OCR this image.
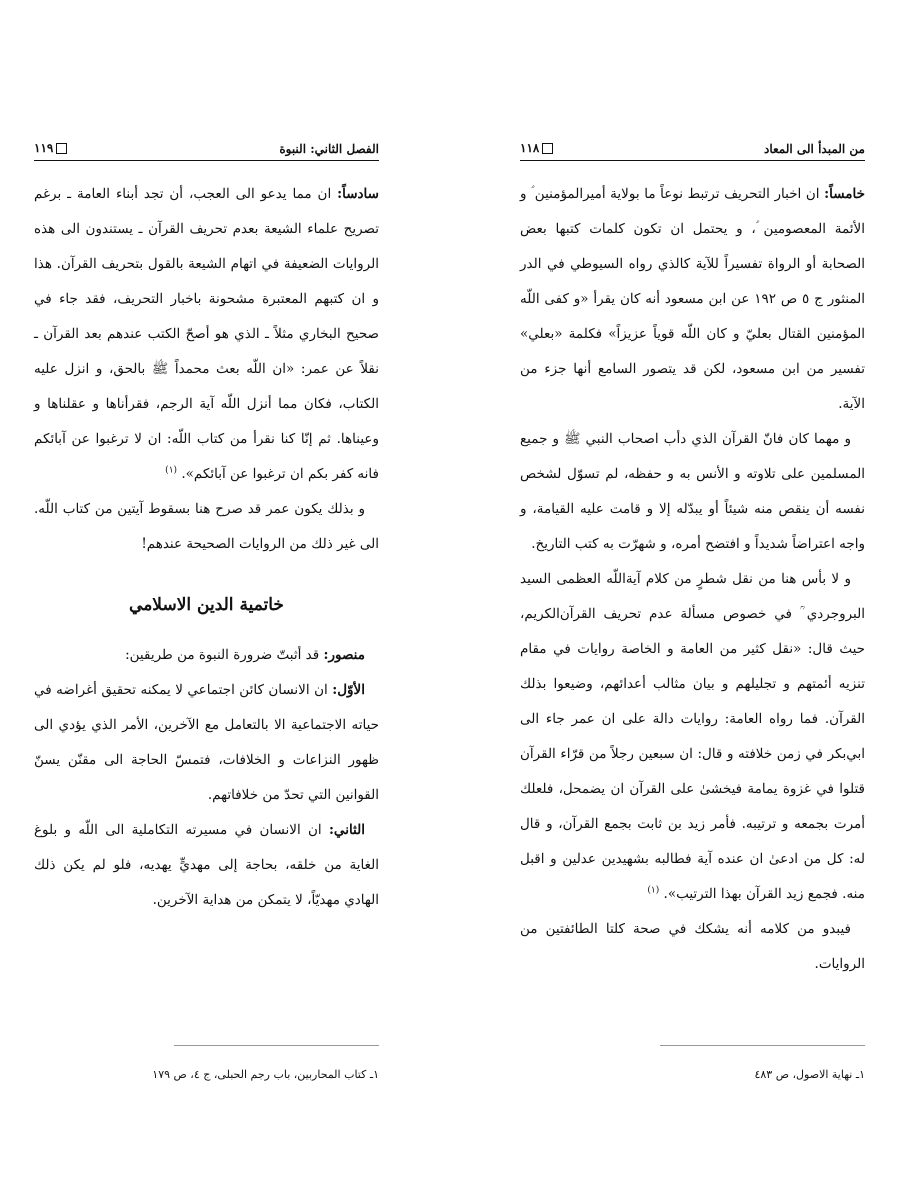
الفصل الثاني: النبوة
١١٩

سادساً: ان مما يدعو الى العجب، أن تجد أبناء العامة ـ برغم تصريح علماء الشيعة بعدم تحريف القرآن ـ يستندون الى هذه الروايات الضعيفة في اتهام الشيعة بالقول بتحريف القرآن. هذا و ان كتبهم المعتبرة مشحونة باخبار التحريف، فقد جاء في صحيح البخاري مثلاً ـ الذي هو أصحّ الكتب عندهم بعد القرآن ـ نقلاً عن عمر: «ان اللّه بعث محمداً ﷺ بالحق، و انزل عليه الكتاب، فكان مما أنزل اللّه آية الرجم، فقرأناها و عقلناها و وعيناها. ثم إنّا كنا نقرأ من كتاب اللّه: ان لا ترغبوا عن آبائكم فانه كفر بكم ان ترغبوا عن آبائكم». $^{(١)}$

و بذلك يكون عمر قد صرح هنا بسقوط آيتين من كتاب اللّه. الى غير ذلك من الروايات الصحيحة عندهم!

خاتمية الدين الاسلامي

منصور: قد أثبتّ ضرورة النبوة من طريقين:

الأوّل: ان الانسان كائن اجتماعي لا يمكنه تحقيق أغراضه في حياته الاجتماعية الا بالتعامل مع الآخرين، الأمر الذي يؤدي الى ظهور النزاعات و الخلافات، فتمسّ الحاجة الى مقنّن يسنّ القوانين التي تحدّ من خلافاتهم.

الثاني: ان الانسان في مسيرته التكاملية الى اللّه و بلوغ الغاية من خلقه، بحاجة إلى مهديٍّ يهديه، فلو لم يكن ذلك الهادي مهديّاً، لا يتمكن من هداية الآخرين.

١ـ كتاب المحاربين، باب رجم الحبلى، ج ٤، ص ١٧٩
من المبدأ الى المعاد
١١٨

خامساً: ان اخبار التحريف ترتبط نوعاً ما بولاية أميرالمؤمنين ؑ و الأئمة المعصومين ؑ، و يحتمل ان تكون كلمات كتبها بعض الصحابة أو الرواة تفسيراً للآية كالذي رواه السيوطي في الدر المنثور ج ٥ ص ١٩٢ عن ابن مسعود أنه كان يقرأ «و كفى اللّه المؤمنين القتال بعليّ و كان اللّه قوياً عزيزاً» فكلمة «بعلي» تفسير من ابن مسعود، لكن قد يتصور السامع أنها جزء من الآية.

و مهما كان فانّ القرآن الذي دأب اصحاب النبي ﷺ و جميع المسلمين على تلاوته و الأنس به و حفظه، لم تسوّل لشخص نفسه أن ينقص منه شيئاً أو يبدّله إلا و قامت عليه القيامة، و واجه اعتراضاً شديداً و افتضح أمره، و شهرّت به كتب التاريخ.

و لا بأس هنا من نقل شطرٍ من كلام آية‌اللّه العظمى السيد البروجردي ؒ في خصوص مسألة عدم تحريف القرآن‌الكريم، حيث قال: «نقل كثير من العامة و الخاصة روايات في مقام تنزيه أئمتهم و تجليلهم و بيان مثالب أعدائهم، وضيعوا بذلك القرآن. فما رواه العامة: روايات دالة على ان عمر جاء الى ابي‌بكر في زمن خلافته و قال: ان سبعين رجلاً من قرّاء القرآن قتلوا في غزوة يمامة فيخشىٰ على القرآن ان يضمحل، فلعلك أمرت بجمعه و ترتيبه. فأمر زيد بن ثابت بجمع القرآن، و قال له: كل من ادعىٰ ان عنده آية فطالبه بشهيدين عدلين و اقبل منه. فجمع زيد القرآن بهذا الترتيب». $^{(١)}$

فيبدو من كلامه أنه يشكك في صحة كلتا الطائفتين من الروايات.

١ـ نهاية الاصول، ص ٤٨٣
